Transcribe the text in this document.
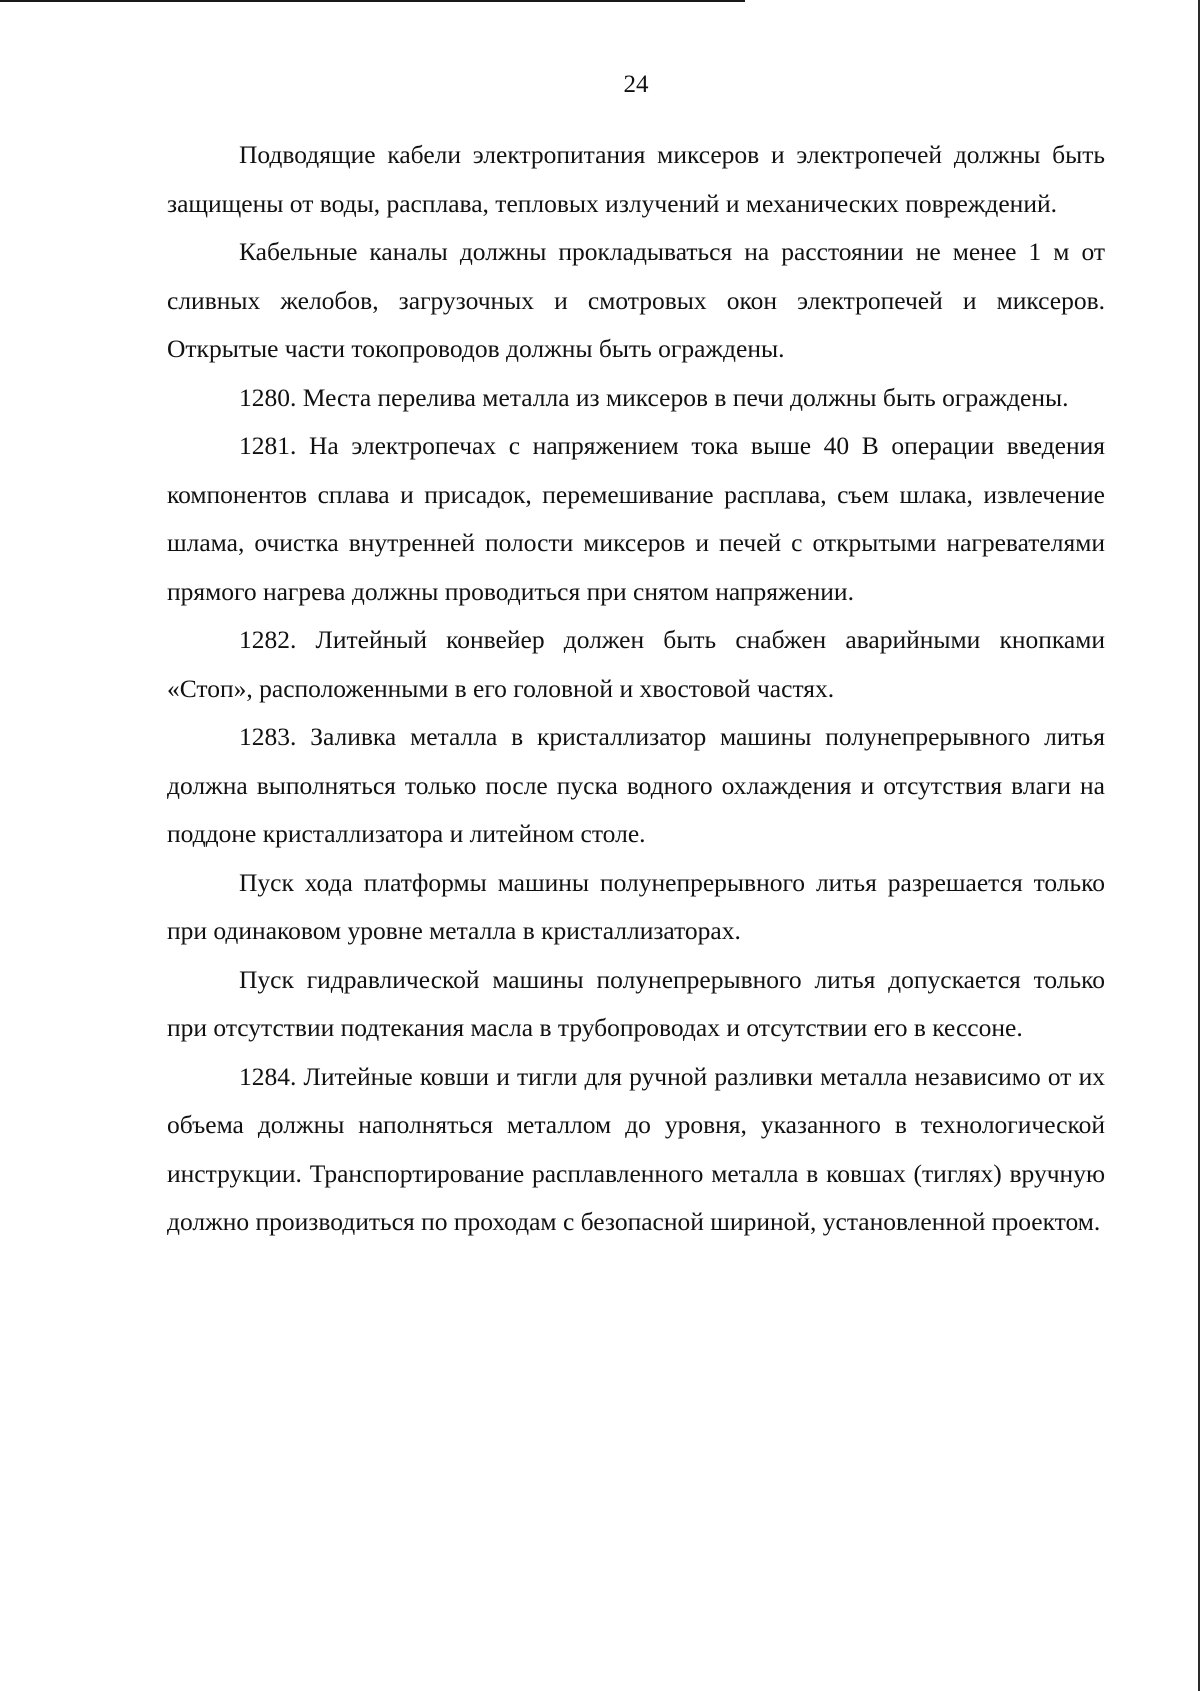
24

Подводящие кабели электропитания миксеров и электропечей должны быть защищены от воды, расплава, тепловых излучений и механических повреждений.

Кабельные каналы должны прокладываться на расстоянии не менее 1 м от сливных желобов, загрузочных и смотровых окон электропечей и миксеров. Открытые части токопроводов должны быть ограждены.

1280. Места перелива металла из миксеров в печи должны быть ограждены.

1281. На электропечах с напряжением тока выше 40 В операции введения компонентов сплава и присадок, перемешивание расплава, съем шлака, извлечение шлама, очистка внутренней полости миксеров и печей с открытыми нагревателями прямого нагрева должны проводиться при снятом напряжении.

1282. Литейный конвейер должен быть снабжен аварийными кнопками «Стоп», расположенными в его головной и хвостовой частях.

1283. Заливка металла в кристаллизатор машины полунепрерывного литья должна выполняться только после пуска водного охлаждения и отсутствия влаги на поддоне кристаллизатора и литейном столе.

Пуск хода платформы машины полунепрерывного литья разрешается только при одинаковом уровне металла в кристаллизаторах.

Пуск гидравлической машины полунепрерывного литья допускается только при отсутствии подтекания масла в трубопроводах и отсутствии его в кессоне.

1284. Литейные ковши и тигли для ручной разливки металла независимо от их объема должны наполняться металлом до уровня, указанного в технологической инструкции. Транспортирование расплавленного металла в ковшах (тиглях) вручную должно производиться по проходам с безопасной шириной, установленной проектом.
